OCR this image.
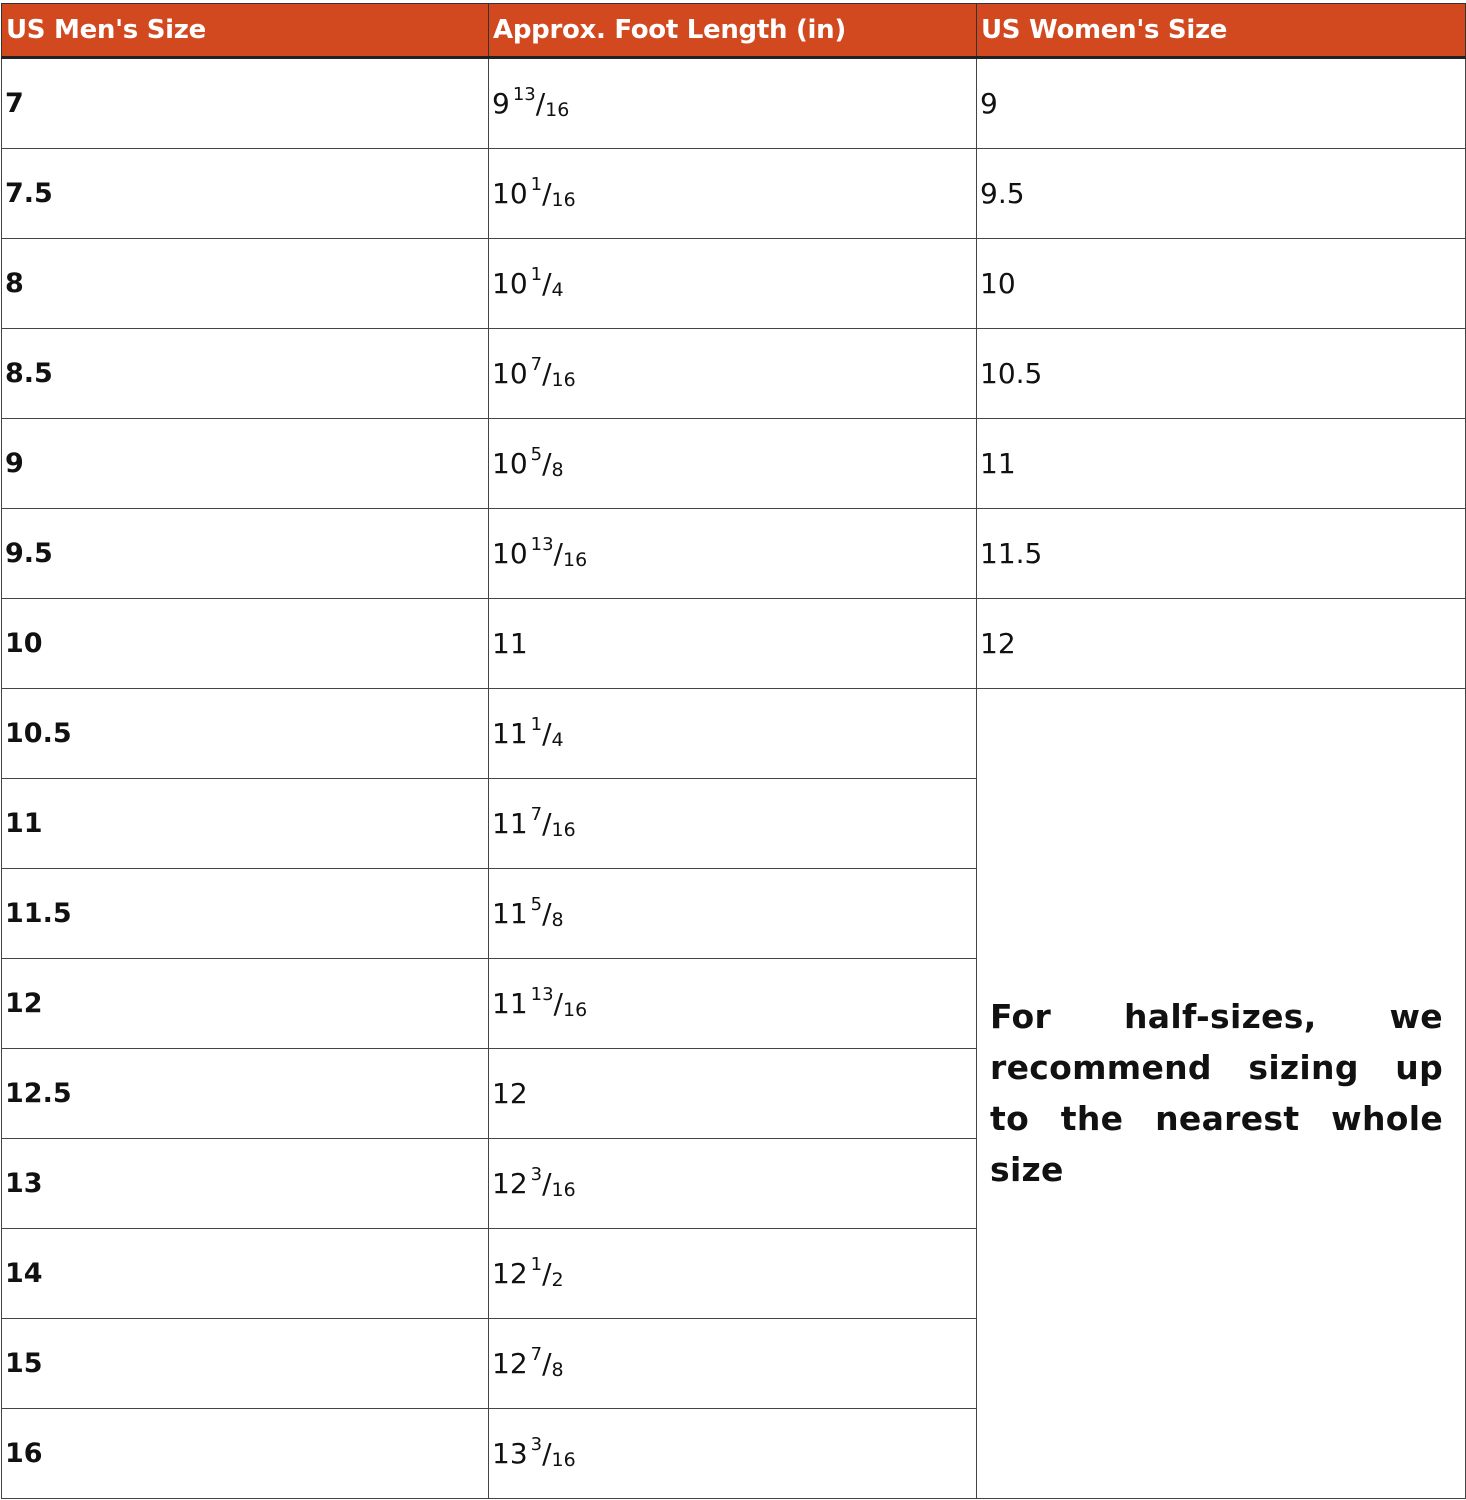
US Men's Size	Approx. Foot Length (in)	US Women's Size
7	9 $^{13}$/16	9
7.5	10 $^1$/16	9.5
8	10 $^1$/4	10
8.5	10 $^7$/16	10.5
9	10 $^5$/8	11
9.5	10 $^{13}$/16	11.5
10	11	12
10.5	11 $^1$/4	For half-sizes, we recommend sizing up to the nearest whole size

11	11 $^7$/16	
11.5	11 $^5$/8	
12	11 $^{13}$/16	
12.5	12	
13	12 $^3$/16	
14	12 $^1$/2	
15	12 $^7$/8	
16	13 $^3$/16	
